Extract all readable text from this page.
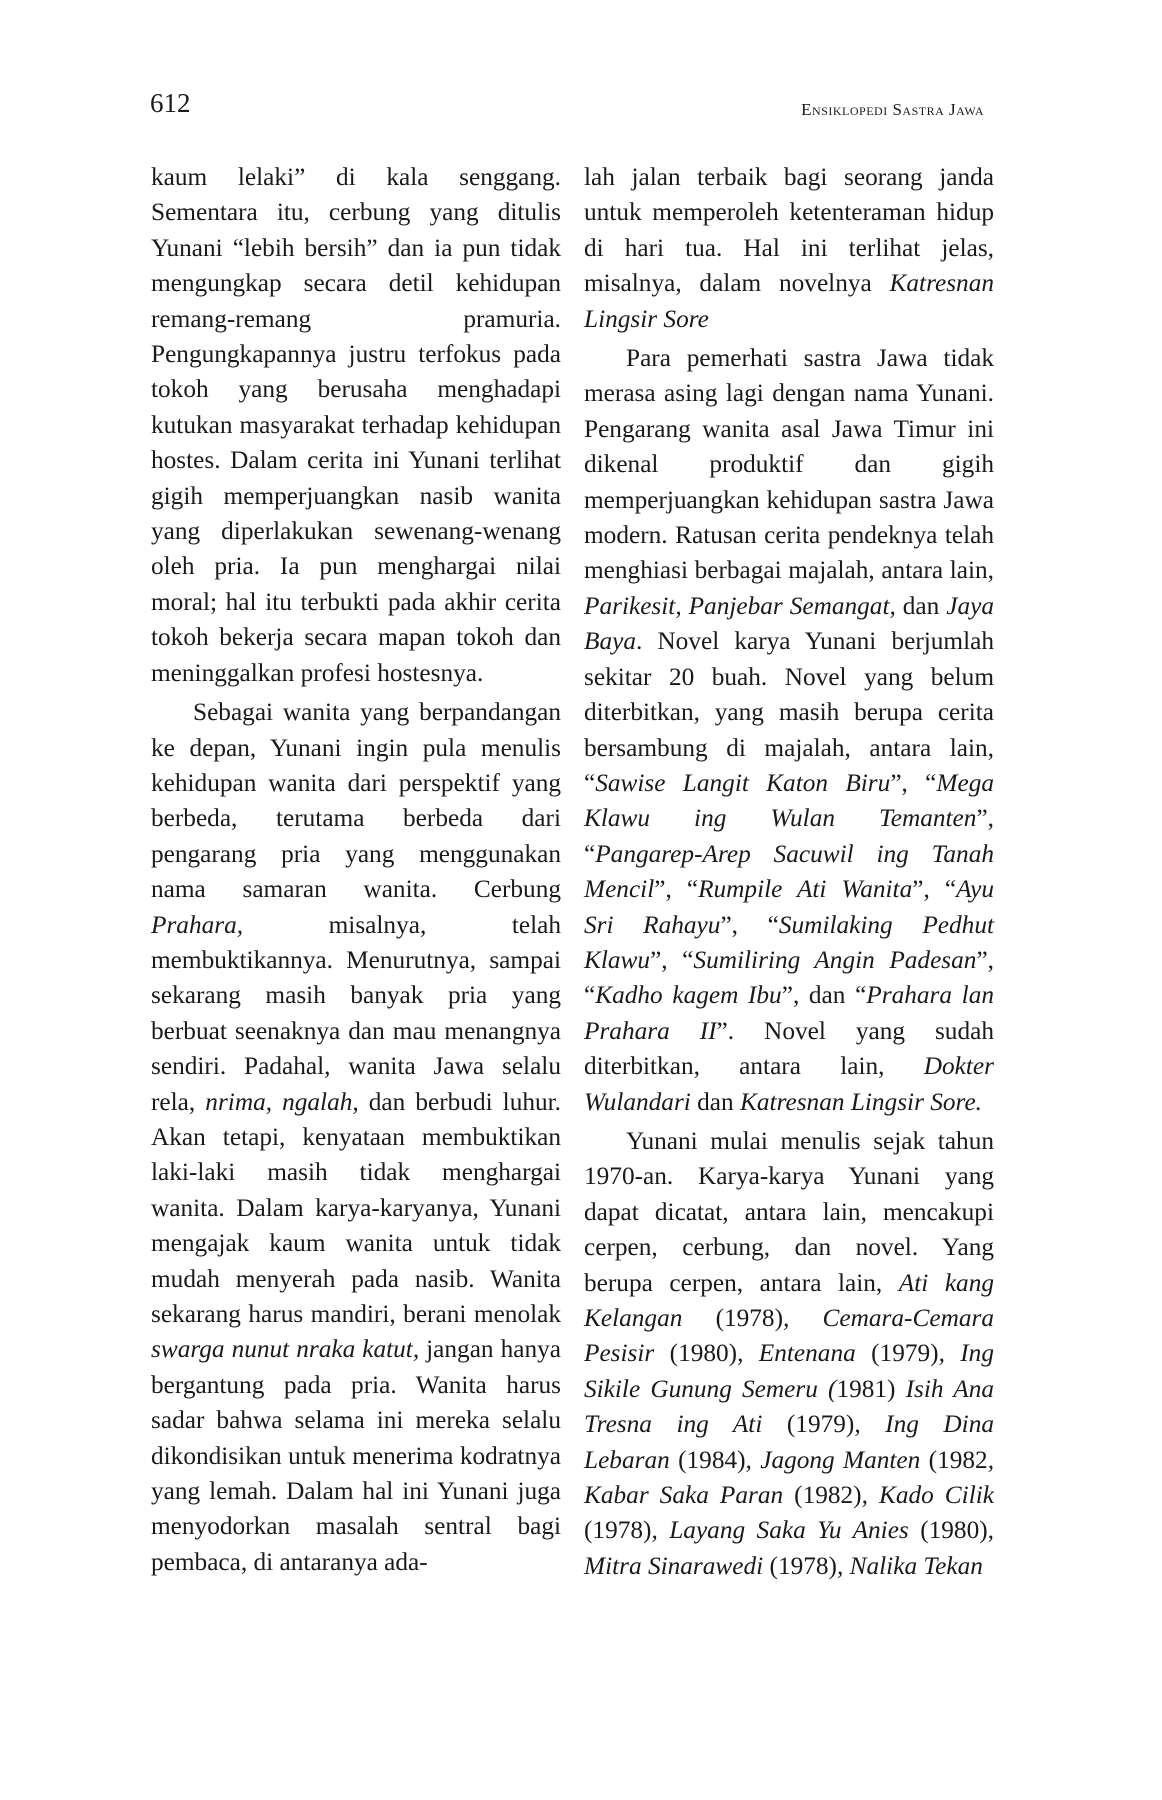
612	Ensiklopedi Sastra Jawa

kaum lelaki” di kala senggang. Sementara itu, cerbung yang ditulis Yunani “lebih bersih” dan ia pun tidak mengungkap secara detil kehidupan remang-remang pramuria. Pengungkapannya justru terfokus pada tokoh yang berusaha menghadapi kutukan masyarakat terhadap kehidupan hostes. Dalam cerita ini Yunani terlihat gigih memperjuangkan nasib wanita yang diperlakukan sewenang-wenang oleh pria. Ia pun menghargai nilai moral; hal itu terbukti pada akhir cerita tokoh bekerja secara mapan tokoh dan meninggalkan profesi hostesnya.

Sebagai wanita yang berpandangan ke depan, Yunani ingin pula menulis kehidupan wanita dari perspektif yang berbeda, terutama berbeda dari pengarang pria yang menggunakan nama samaran wanita. Cerbung Prahara, misalnya, telah membuktikannya. Menurutnya, sampai sekarang masih banyak pria yang berbuat seenaknya dan mau menangnya sendiri. Padahal, wanita Jawa selalu rela, nrima, ngalah, dan berbudi luhur. Akan tetapi, kenyataan membuktikan laki-laki masih tidak menghargai wanita. Dalam karya-karyanya, Yunani mengajak kaum wanita untuk tidak mudah menyerah pada nasib. Wanita sekarang harus mandiri, berani menolak swarga nunut nraka katut, jangan hanya bergantung pada pria. Wanita harus sadar bahwa selama ini mereka selalu dikondisikan untuk menerima kodratnya yang lemah. Dalam hal ini Yunani juga menyodorkan masalah sentral bagi pembaca, di antaranya ada-

lah jalan terbaik bagi seorang janda untuk memperoleh ketenteraman hidup di hari tua. Hal ini terlihat jelas, misalnya, dalam novelnya Katresnan Lingsir Sore

Para pemerhati sastra Jawa tidak merasa asing lagi dengan nama Yunani. Pengarang wanita asal Jawa Timur ini dikenal produktif dan gigih memperjuangkan kehidupan sastra Jawa modern. Ratusan cerita pendeknya telah menghiasi berbagai majalah, antara lain, Parikesit, Panjebar Semangat, dan Jaya Baya. Novel karya Yunani berjumlah sekitar 20 buah. Novel yang belum diterbitkan, yang masih berupa cerita bersambung di majalah, antara lain, “Sawise Langit Katon Biru”, “Mega Klawu ing Wulan Temanten”, “Pangarep-Arep Sacuwil ing Tanah Mencil”, “Rumpile Ati Wanita”, “Ayu Sri Rahayu”, “Sumilaking Pedhut Klawu”, “Sumiliring Angin Padesan”, “Kadho kagem Ibu”, dan “Prahara lan Prahara II”. Novel yang sudah diterbitkan, antara lain, Dokter Wulandari dan Katresnan Lingsir Sore.

Yunani mulai menulis sejak tahun 1970-an. Karya-karya Yunani yang dapat dicatat, antara lain, mencakupi cerpen, cerbung, dan novel. Yang berupa cerpen, antara lain, Ati kang Kelangan (1978), Cemara-Cemara Pesisir (1980), Entenana (1979), Ing Sikile Gunung Semeru (1981) Isih Ana Tresna ing Ati (1979), Ing Dina Lebaran (1984), Jagong Manten (1982, Kabar Saka Paran (1982), Kado Cilik (1978), Layang Saka Yu Anies (1980), Mitra Sinarawedi (1978), Nalika Tekan
